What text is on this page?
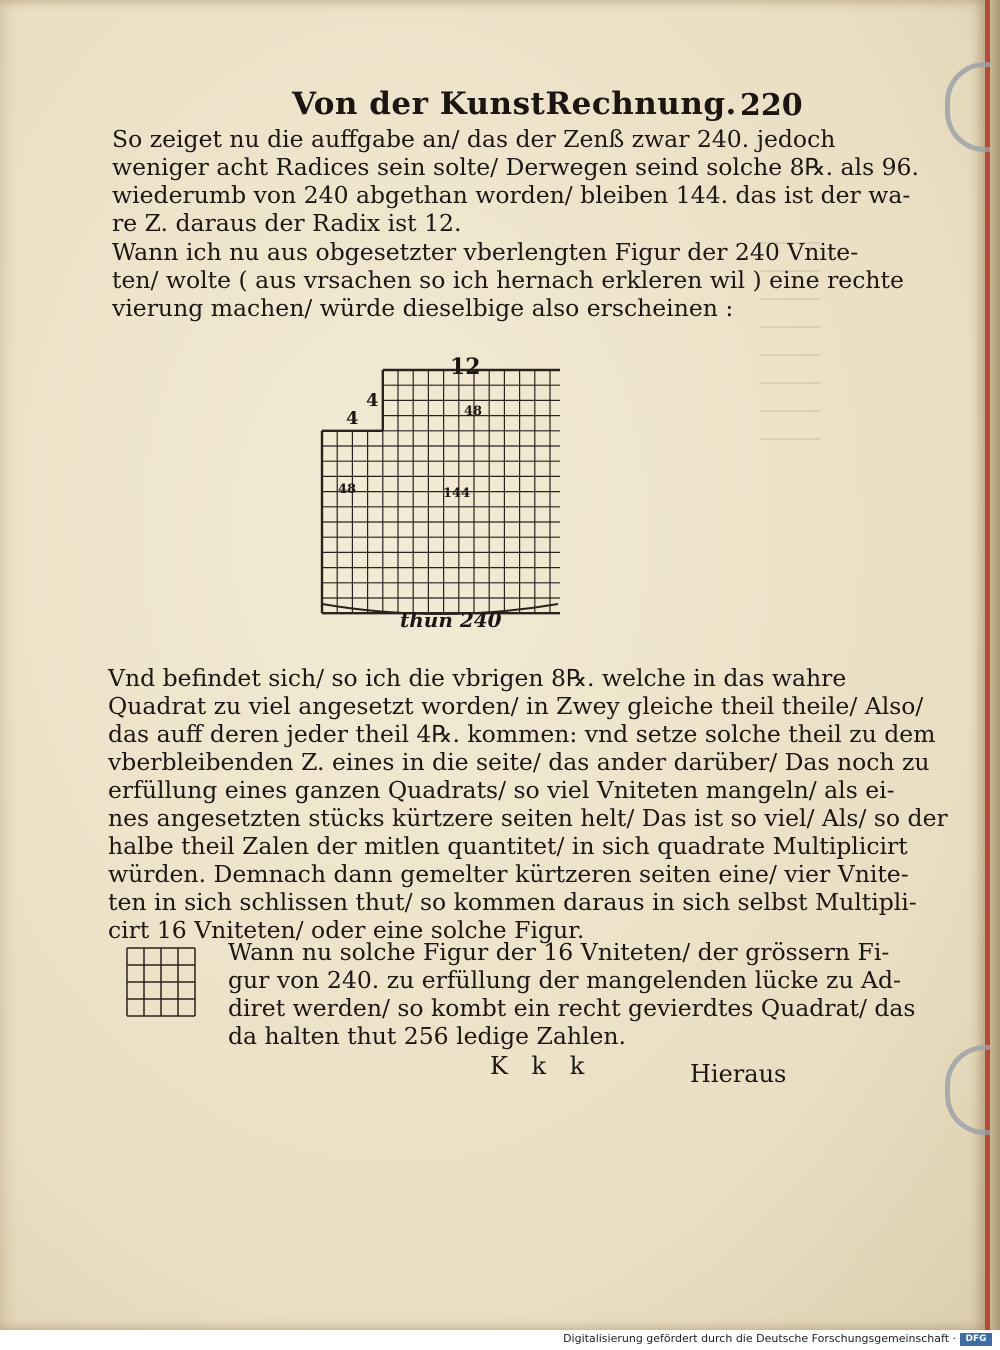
Von der KunstRechnung. 220
So zeiget nu die auffgabe an/ das der Zenß zwar 240. jedoch
weniger acht Radices sein solte/ Derwegen seind solche 8℞. als 96.
wiederumb von 240 abgethan worden/ bleiben 144. das ist der wa-
re Z. daraus der Radix ist 12.
Wann ich nu aus obgesetzter vberlengten Figur der 240 Vnite-
ten/ wolte ( aus vrsachen so ich hernach erkleren wil ) eine rechte
vierung machen/ würde dieselbige also erscheinen :
12
4
4	48
48	144
thun 240
Vnd befindet sich/ so ich die vbrigen 8℞. welche in das wahre
Quadrat zu viel angesetzt worden/ in Zwey gleiche theil theile/ Also/
das auff deren jeder theil 4℞. kommen: vnd setze solche theil zu dem
vberbleibenden Z. eines in die seite/ das ander darüber/ Das noch zu
erfüllung eines ganzen Quadrats/ so viel Vniteten mangeln/ als ei-
nes angesetzten stücks kürtzere seiten helt/ Das ist so viel/ Als/ so der
halbe theil Zalen der mitlen quantitet/ in sich quadrate Multiplicirt
würden. Demnach dann gemelter kürtzeren seiten eine/ vier Vnite-
ten in sich schlissen thut/ so kommen daraus in sich selbst Multipli-
cirt 16 Vniteten/ oder eine solche Figur.
Wann nu solche Figur der 16 Vniteten/ der grössern Fi-
gur von 240. zu erfüllung der mangelenden lücke zu Ad-
diret werden/ so kombt ein recht gevierdtes Quadrat/ das
da halten thut 256 ledige Zahlen.
K k k	Hieraus
Digitalisierung gefördert durch die Deutsche Forschungsgemeinschaft ·	DFG
